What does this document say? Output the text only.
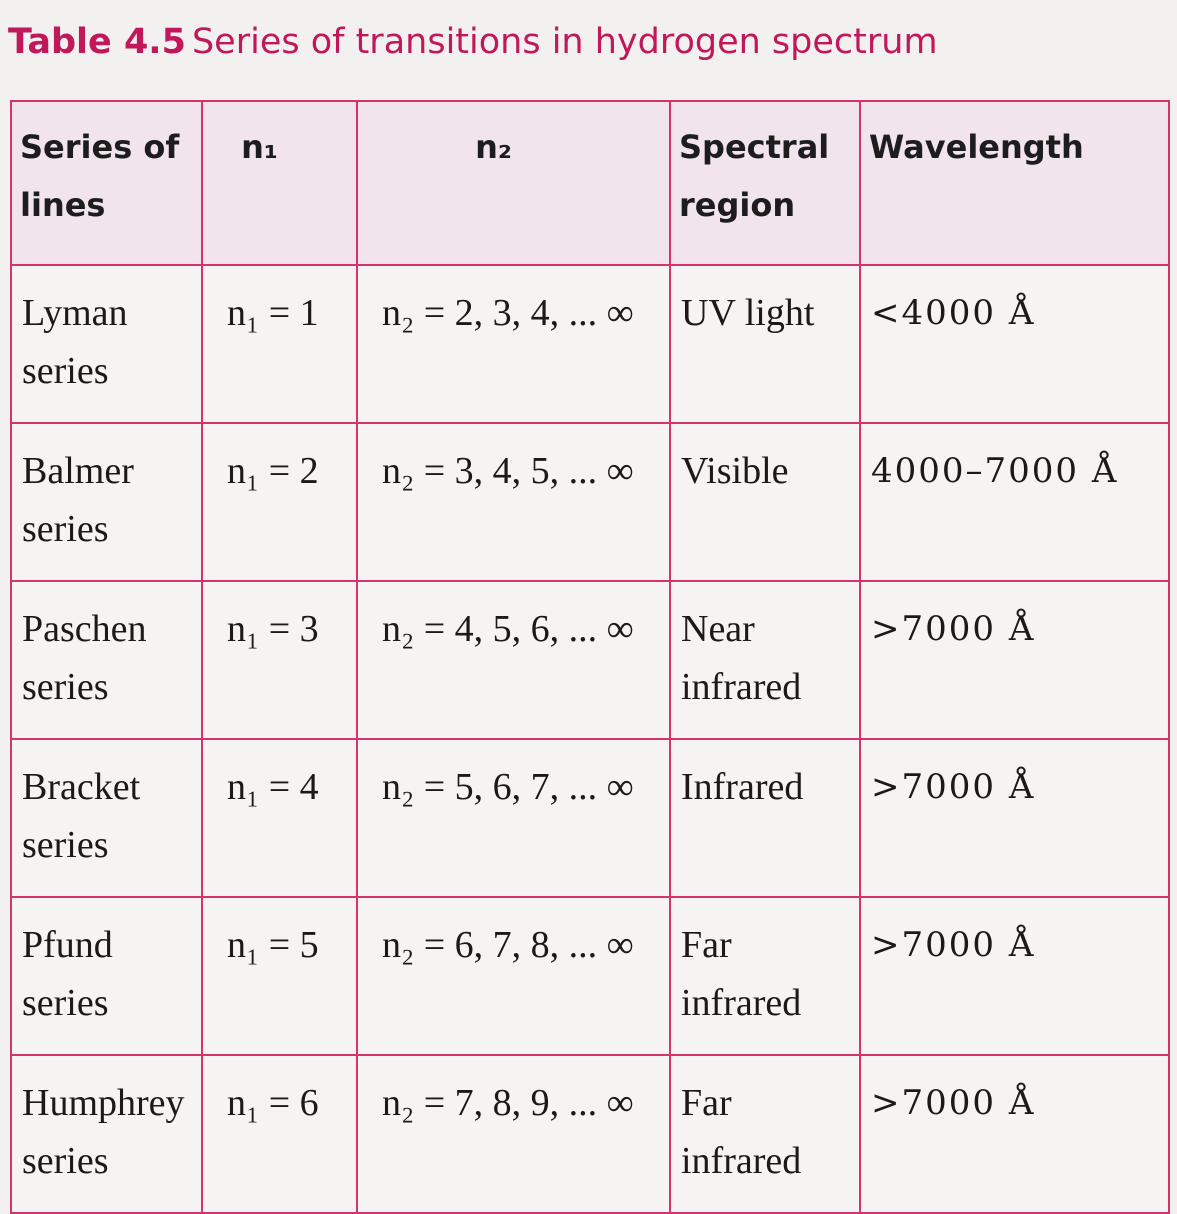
Table 4.5 Series of transitions in hydrogen spectrum
Series of lines	n₁	n₂	Spectral region	Wavelength
Lyman series	n₁ = 1	n₂ = 2, 3, 4, ... ∞	UV light	<4000 Å
Balmer series	n₁ = 2	n₂ = 3, 4, 5, ... ∞	Visible	4000–7000 Å
Paschen series	n₁ = 3	n₂ = 4, 5, 6, ... ∞	Near infrared	>7000 Å
Bracket series	n₁ = 4	n₂ = 5, 6, 7, ... ∞	Infrared	>7000 Å
Pfund series	n₁ = 5	n₂ = 6, 7, 8, ... ∞	Far infrared	>7000 Å
Humphrey series	n₁ = 6	n₂ = 7, 8, 9, ... ∞	Far infrared	>7000 Å
